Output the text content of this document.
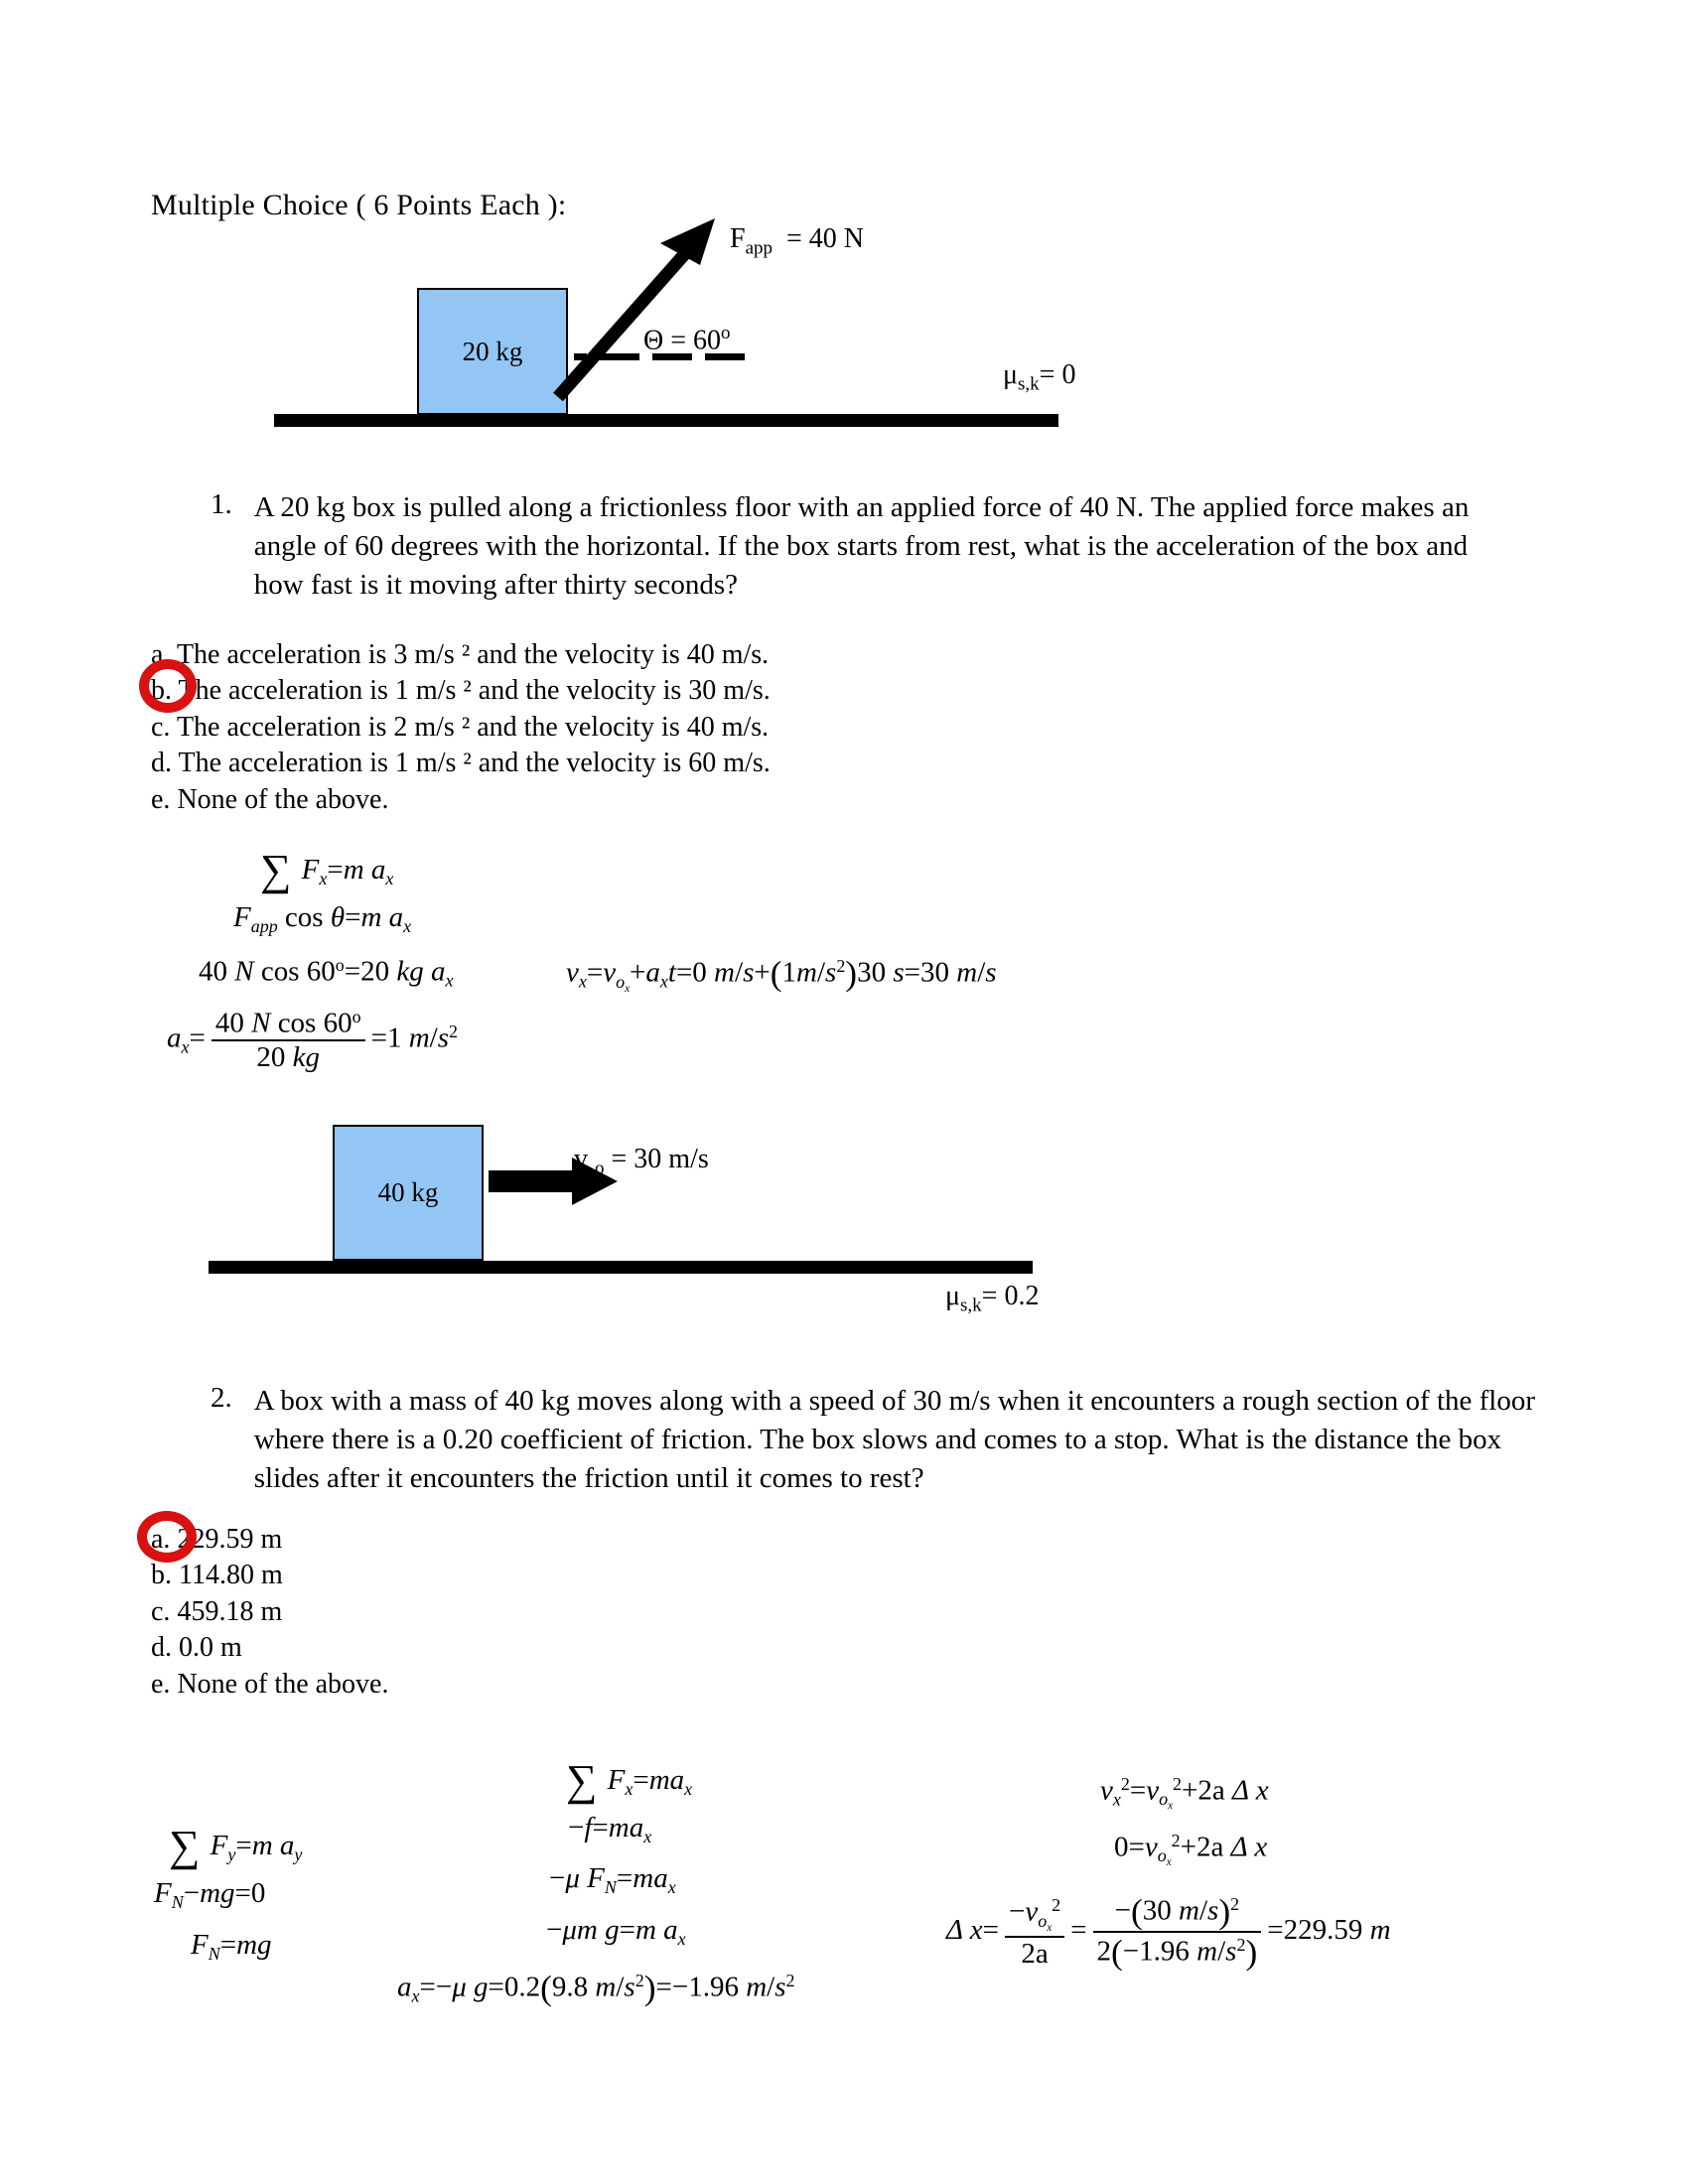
Multiple Choice ( 6 Points Each ):
20 kg
$F_{app} = 40$ N
$\Theta = 60^o$
$\mu_{s,k}= 0$
1. A 20 kg box is pulled along a frictionless floor with an applied force of 40 N. The applied force makes an angle of 60 degrees with the horizontal. If the box starts from rest, what is the acceleration of the box and how fast is it moving after thirty seconds?
a. The acceleration is 3 m/s ² and the velocity is 40 m/s.
b. The acceleration is 1 m/s ² and the velocity is 30 m/s.
c. The acceleration is 2 m/s ² and the velocity is 40 m/s.
d. The acceleration is 1 m/s ² and the velocity is 60 m/s.
e. None of the above.
∑ $F_x=m$ $a_x$
$F_{app}$ cos θ=m $a_x$
40 N $\cos 60^o=20$ kg $a_x$
$a_x= \frac{40 N \cos 60^o}{20 kg} =1$ $m/s^2$
$v_x=v_{o_x}+a_xt=0$ $m/s+(1m/s^2)30$ s=30 m/s
40 kg
v $_o$ = 30 m/s
$\mu_{s,k}= 0.2$
2. A box with a mass of 40 kg moves along with a speed of 30 m/s when it encounters a rough section of the floor where there is a 0.20 coefficient of friction. The box slows and comes to a stop. What is the distance the box slides after it encounters the friction until it comes to rest?
a. 229.59 m
b. 114.80 m
c. 459.18 m
d. 0.0 m
e. None of the above.
∑ $F_y=m$ $a_y$
$F_N-mg=0$
$F_N=mg$
∑ $F_x=ma_x$
$-f=ma_x$
−μ $F_N=ma_x$
−μm g=m $a_x$
$a_x=-\mu$ g=0.2(9.8 $m/s^2)=-1.96$ $m/s^2$
$v_x^2=v_{o_x}^2+2a$ Δ x
$0=v_{o_x}^2+2a$ Δ x
Δ $x= \frac{-v_{o_x}^2}{2a} = \frac{-(30 m/s)^2}{2(-1.96 m/s^2)} =229.59$ m
